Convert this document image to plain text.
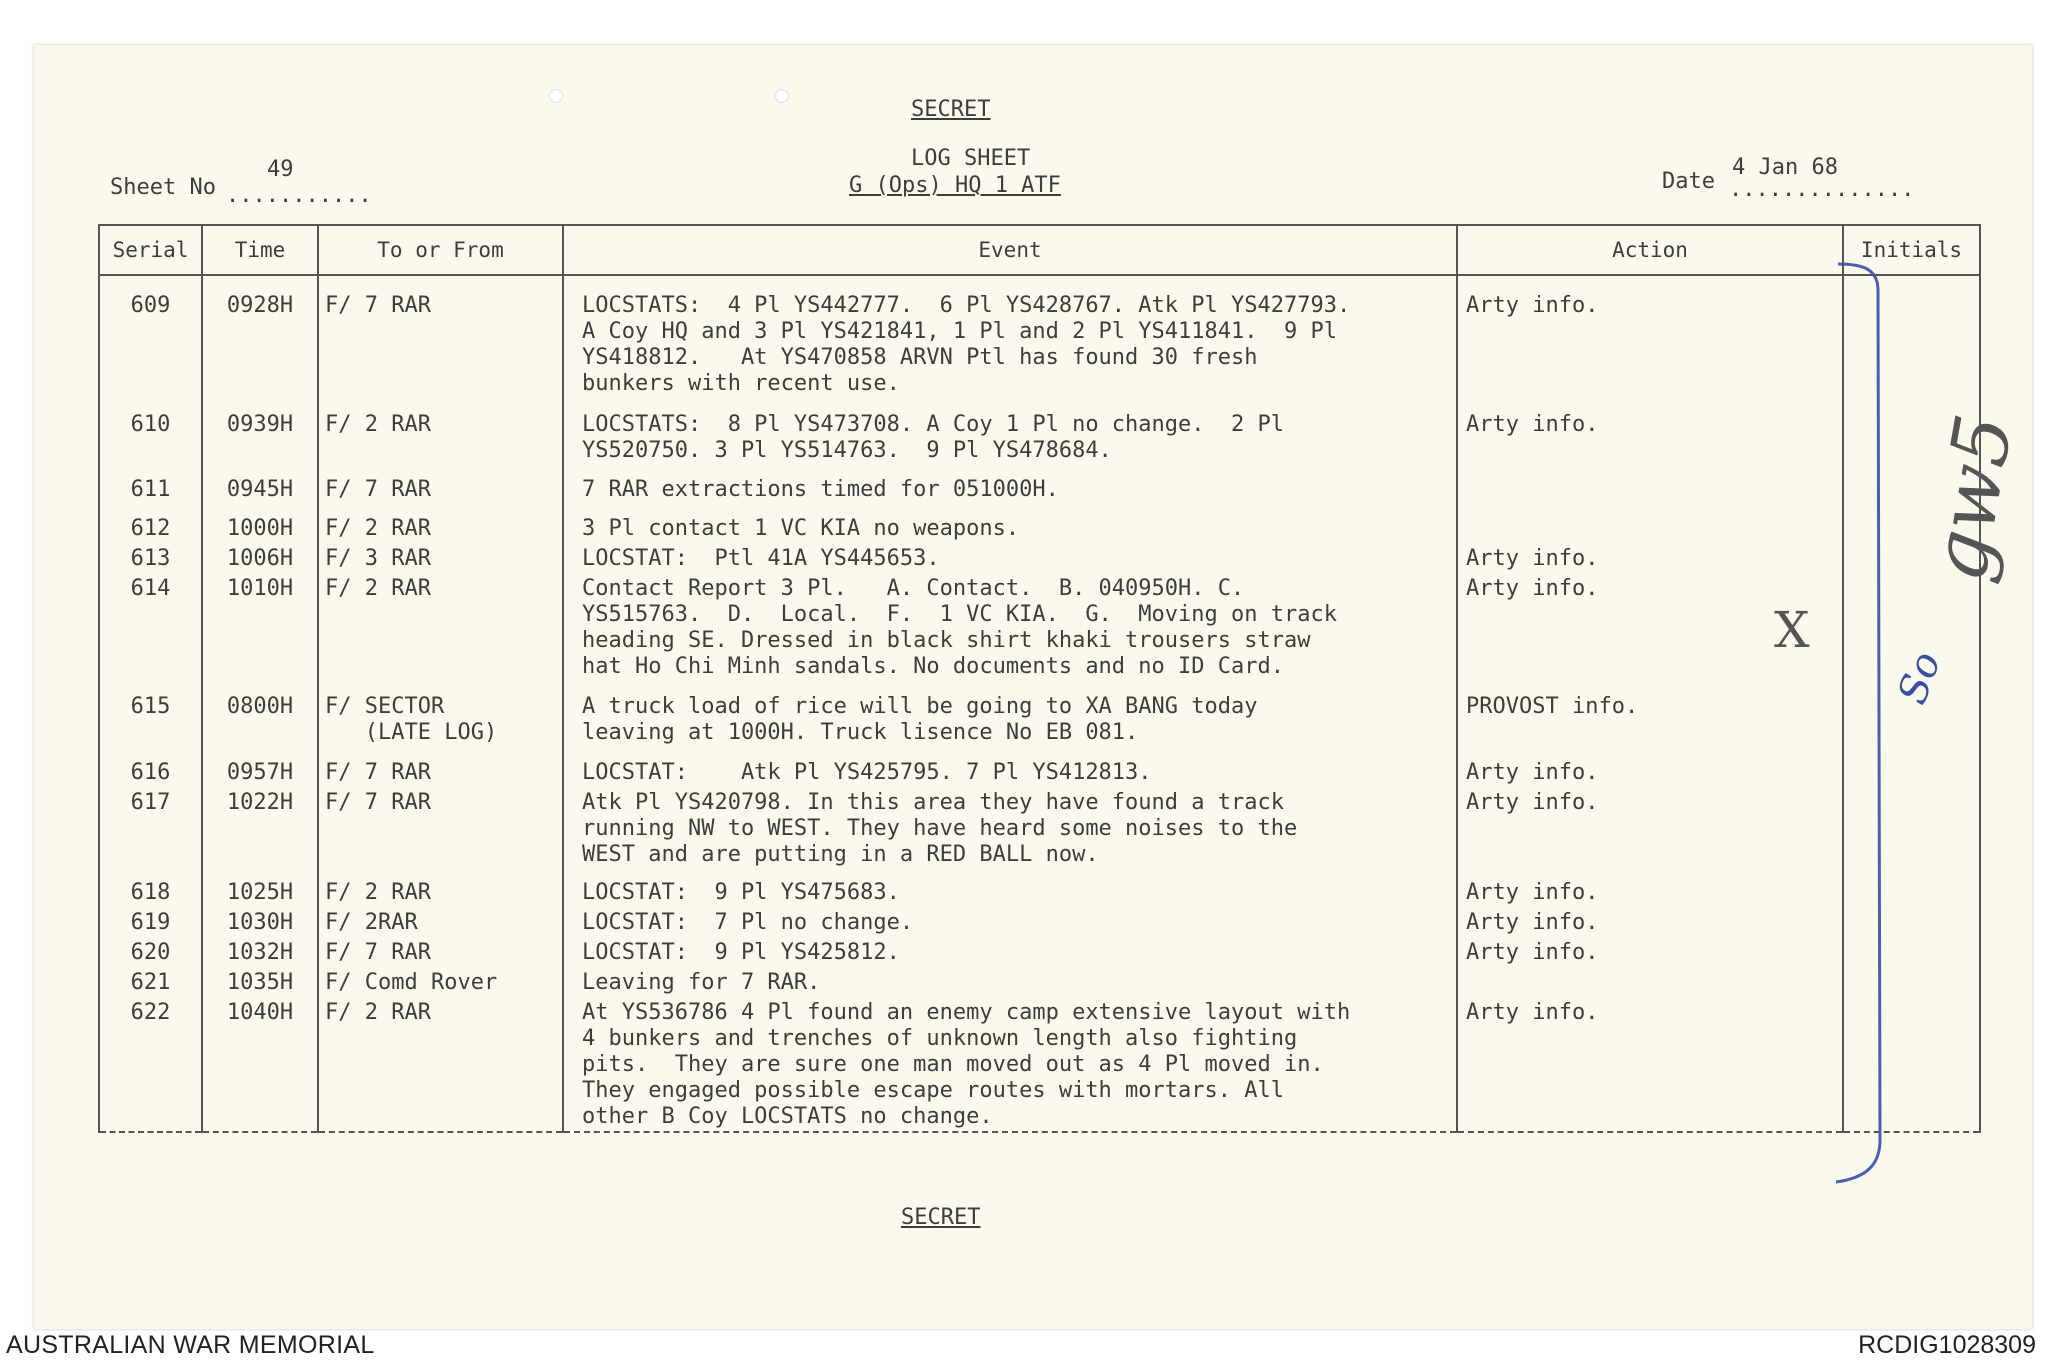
SECRET
LOG SHEET
G (Ops) HQ 1 ATF
Sheet No ...........
49	Date ..............
4 Jan 68
SECRET
gw5
X
So
Serial	Time	To or From	Event	Action	Initials

609	0928H	F/ 7 RAR	LOCSTATS:  4 Pl YS442777.  6 Pl YS428767. Atk Pl YS427793.
A Coy HQ and 3 Pl YS421841, 1 Pl and 2 Pl YS411841.  9 Pl
YS418812.   At YS470858 ARVN Ptl has found 30 fresh
bunkers with recent use.	Arty info.	
610	0939H	F/ 2 RAR	LOCSTATS:  8 Pl YS473708. A Coy 1 Pl no change.  2 Pl
YS520750. 3 Pl YS514763.  9 Pl YS478684.	Arty info.	
611	0945H	F/ 7 RAR	7 RAR extractions timed for 051000H.		
612	1000H	F/ 2 RAR	3 Pl contact 1 VC KIA no weapons.		
613	1006H	F/ 3 RAR	LOCSTAT:  Ptl 41A YS445653.	Arty info.	
614	1010H	F/ 2 RAR	Contact Report 3 Pl.   A. Contact.  B. 040950H. C.
YS515763.  D.  Local.  F.  1 VC KIA.  G.  Moving on track
heading SE. Dressed in black shirt khaki trousers straw
hat Ho Chi Minh sandals. No documents and no ID Card.	Arty info.	
615	0800H	F/ SECTOR
(LATE LOG)	A truck load of rice will be going to XA BANG today
leaving at 1000H. Truck lisence No EB 081.	PROVOST info.	
616	0957H	F/ 7 RAR	LOCSTAT:    Atk Pl YS425795. 7 Pl YS412813.	Arty info.	
617	1022H	F/ 7 RAR	Atk Pl YS420798. In this area they have found a track
running NW to WEST. They have heard some noises to the
WEST and are putting in a RED BALL now.	Arty info.	
618	1025H	F/ 2 RAR	LOCSTAT:  9 Pl YS475683.	Arty info.	
619	1030H	F/ 2RAR	LOCSTAT:  7 Pl no change.	Arty info.	
620	1032H	F/ 7 RAR	LOCSTAT:  9 Pl YS425812.	Arty info.	
621	1035H	F/ Comd Rover	Leaving for 7 RAR.		
622	1040H	F/ 2 RAR	At YS536786 4 Pl found an enemy camp extensive layout with
4 bunkers and trenches of unknown length also fighting
pits.  They are sure one man moved out as 4 Pl moved in.
They engaged possible escape routes with mortars. All
other B Coy LOCSTATS no change.	Arty info.	
AUSTRALIAN WAR MEMORIAL	RCDIG1028309
